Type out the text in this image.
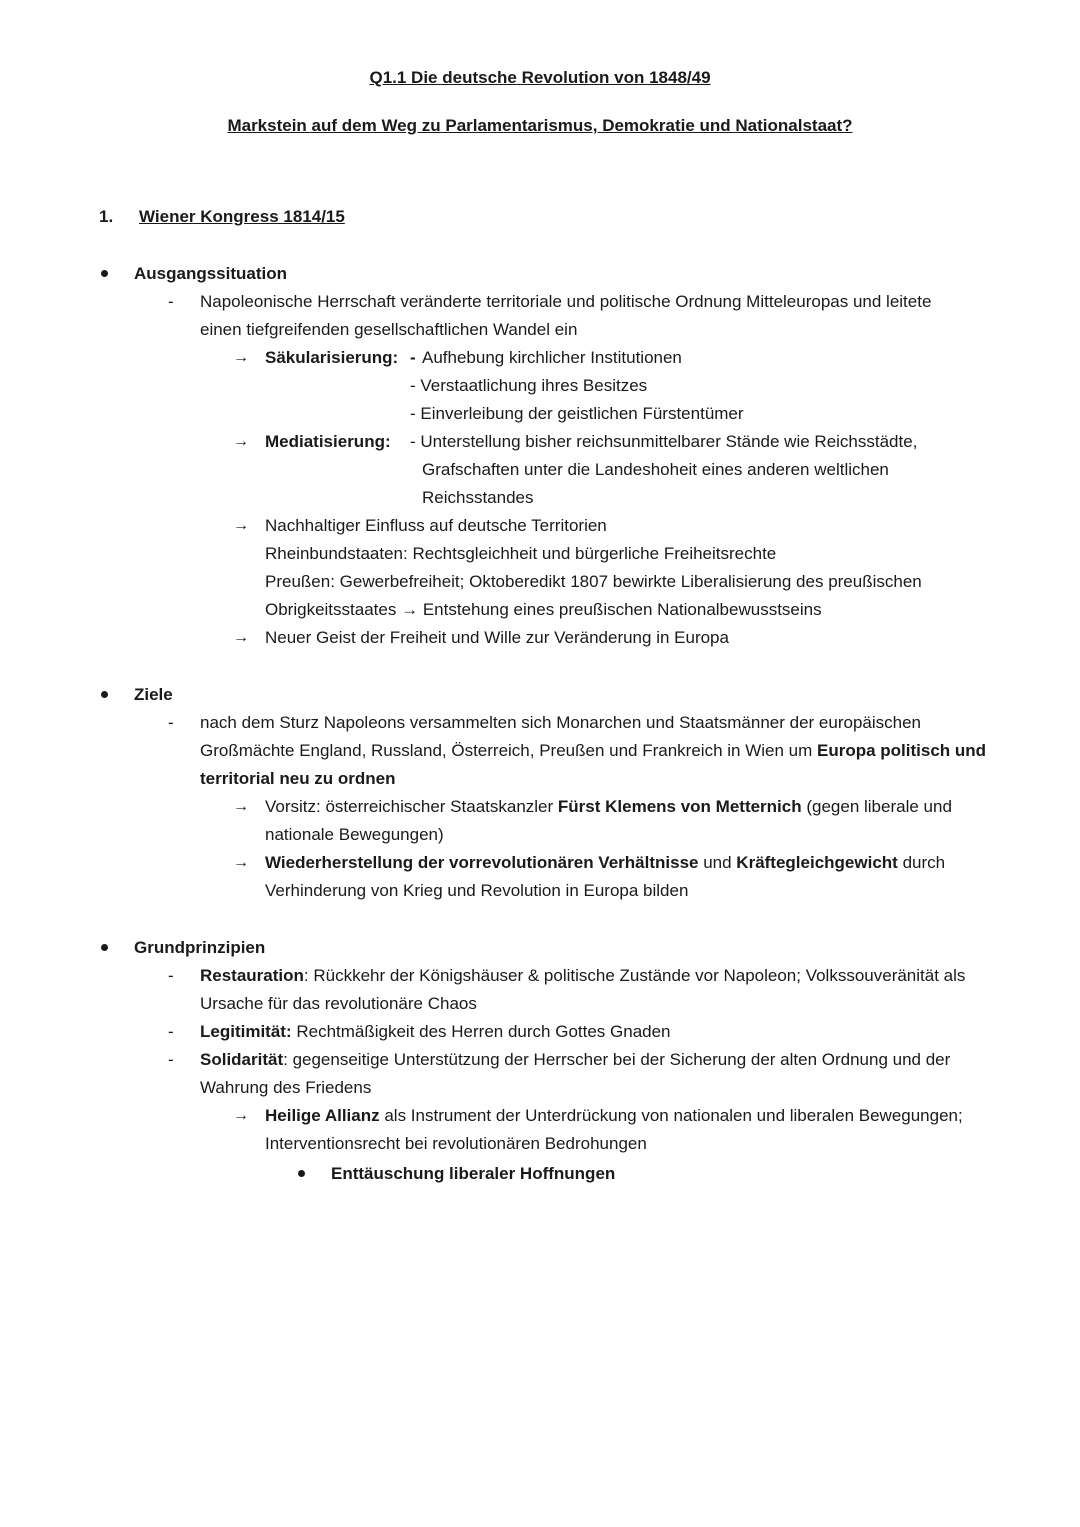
Q1.1 Die deutsche Revolution von 1848/49
Markstein auf dem Weg zu Parlamentarismus, Demokratie und Nationalstaat?
1. Wiener Kongress 1814/15
Ausgangssituation
- Napoleonische Herrschaft veränderte territoriale und politische Ordnung Mitteleuropas und leitete
einen tiefgreifenden gesellschaftlichen Wandel ein
→ Säkularisierung: - Aufhebung kirchlicher Institutionen
- Verstaatlichung ihres Besitzes
- Einverleibung der geistlichen Fürstentümer
→ Mediatisierung: - Unterstellung bisher reichsunmittelbarer Stände wie Reichsstädte,
Grafschaften unter die Landeshoheit eines anderen weltlichen
Reichsstandes
→ Nachhaltiger Einfluss auf deutsche Territorien
Rheinbundstaaten: Rechtsgleichheit und bürgerliche Freiheitsrechte
Preußen: Gewerbefreiheit; Oktoberedikt 1807 bewirkte Liberalisierung des preußischen
Obrigkeitsstaates → Entstehung eines preußischen Nationalbewusstseins
→ Neuer Geist der Freiheit und Wille zur Veränderung in Europa
Ziele
- nach dem Sturz Napoleons versammelten sich Monarchen und Staatsmänner der europäischen
Großmächte England, Russland, Österreich, Preußen und Frankreich in Wien um Europa politisch und
territorial neu zu ordnen
→ Vorsitz: österreichischer Staatskanzler Fürst Klemens von Metternich (gegen liberale und
nationale Bewegungen)
→ Wiederherstellung der vorrevolutionären Verhältnisse und Kräftegleichgewicht durch
Verhinderung von Krieg und Revolution in Europa bilden
Grundprinzipien
- Restauration: Rückkehr der Königshäuser & politische Zustände vor Napoleon; Volkssouveränität als
Ursache für das revolutionäre Chaos
- Legitimität: Rechtmäßigkeit des Herren durch Gottes Gnaden
- Solidarität: gegenseitige Unterstützung der Herrscher bei der Sicherung der alten Ordnung und der
Wahrung des Friedens
→ Heilige Allianz als Instrument der Unterdrückung von nationalen und liberalen Bewegungen;
Interventionsrecht bei revolutionären Bedrohungen
Enttäuschung liberaler Hoffnungen
